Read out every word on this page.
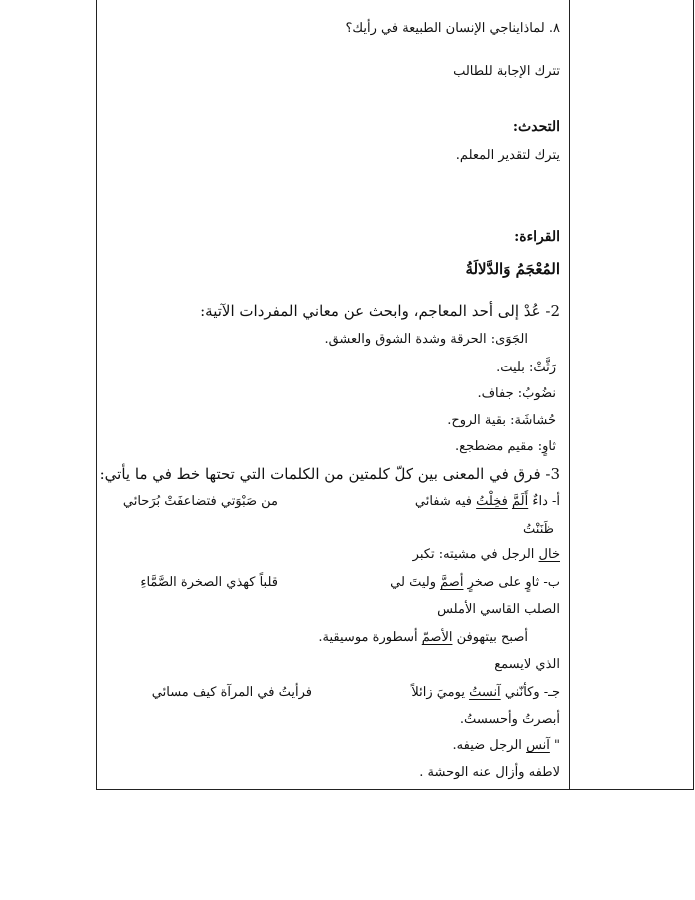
٨. لماذايناجي الإنسان الطبيعة في رأيك؟
تترك الإجابة للطالب
التحدث:
يترك لتقدير المعلم.
القراءة:
المُعْجَمُ وَالدَّلالَةُ
2- عُدْ إلى أحد المعاجم، وابحث عن معاني المفردات الآتية:
الجَوَى: الحرقة وشدة الشوق والعشق.
رَثَّتْ: بليت.
نضُوبُ: جفاف.
حُشاشَة: بقية الروح.
ثاوٍ: مقيم مضطجع.
3- فرق في المعنى بين كلّ كلمتين من الكلمات التي تحتها خط في ما يأتي:
أ- داءٌ أَلَمَّ فخِلْتُ فيه شفائي
من صَبْوَتي فتضاعفَتْ بُرَحائي
ظَنَنْتُ
خال الرجل في مشيته: تكبر
ب- ثاوٍ على صخرٍ أصمَّ وليتَ لي
قلباً كهذي الصخرة الصَّمَّاءِ
الصلب القاسي الأملس
أصبح بيتهوفن الأصمّ أسطورة موسيقية.
الذي لايسمع
جـ- وكأنّني آنستُ يوميَ زائلاً
فرأيتُ في المرآة كيف مسائي
أبصرتُ وأحسستُ.
" آنس الرجل ضيفه.
لاطفه وأزال عنه الوحشة .
